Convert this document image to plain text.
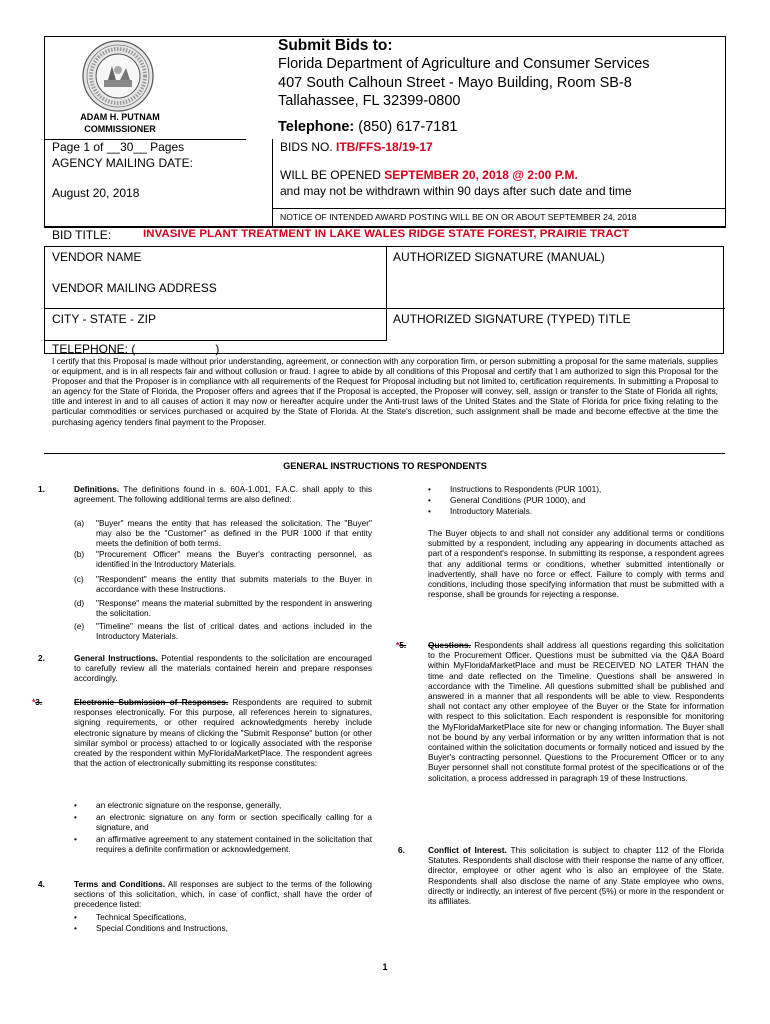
ADAM H. PUTNAM
COMMISSIONER
Submit Bids to:
Florida Department of Agriculture and Consumer Services
407 South Calhoun Street - Mayo Building, Room SB-8
Tallahassee, FL 32399-0800
Telephone: (850) 617-7181
Page 1 of __30__ Pages
AGENCY MAILING DATE:
August 20, 2018
BIDS NO. ITB/FFS-18/19-17
WILL BE OPENED SEPTEMBER 20, 2018 @ 2:00 P.M.
and may not be withdrawn within 90 days after such date and time
NOTICE OF INTENDED AWARD POSTING WILL BE ON OR ABOUT SEPTEMBER 24, 2018
BID TITLE:	INVASIVE PLANT TREATMENT IN LAKE WALES RIDGE STATE FOREST, PRAIRIE TRACT
VENDOR NAME
VENDOR MAILING ADDRESS
CITY - STATE - ZIP
TELEPHONE: (                        )
AUTHORIZED SIGNATURE (MANUAL)
AUTHORIZED SIGNATURE (TYPED) TITLE
I certify that this Proposal is made without prior understanding, agreement, or connection with any corporation firm, or person submitting a proposal for the same materials, supplies or equipment, and is in all respects fair and without collusion or fraud. I agree to abide by all conditions of this Proposal and certify that I am authorized to sign this Proposal for the Proposer and that the Proposer is in compliance with all requirements of the Request for Proposal including but not limited to, certification requirements. In submitting a Proposal to an agency for the State of Florida, the Proposer offers and agrees that if the Proposal is accepted, the Proposer will convey, sell, assign or transfer to the State of Florida all rights, title and interest in and to all causes of action it may now or hereafter acquire under the Anti-trust laws of the United States and the State of Florida for price fixing relating to the particular commodities or services purchased or acquired by the State of Florida. At the State's discretion, such assignment shall be made and become effective at the time the purchasing agency tenders final payment to the Proposer.
GENERAL INSTRUCTIONS TO RESPONDENTS
1.	Definitions. The definitions found in s. 60A-1.001, F.A.C. shall apply to this agreement. The following additional terms are also defined:
(a) "Buyer" means the entity that has released the solicitation. The "Buyer" may also be the "Customer" as defined in the PUR 1000 if that entity meets the definition of both terms.
(b) "Procurement Officer" means the Buyer's contracting personnel, as identified in the Introductory Materials.
(c) "Respondent" means the entity that submits materials to the Buyer in accordance with these Instructions.
(d) "Response" means the material submitted by the respondent in answering the solicitation.
(e) "Timeline" means the list of critical dates and actions included in the Introductory Materials.
2.	General Instructions. Potential respondents to the solicitation are encouraged to carefully review all the materials contained herein and prepare responses accordingly.
*3.	Electronic Submission of Responses. Respondents are required to submit responses electronically. For this purpose, all references herein to signatures, signing requirements, or other required acknowledgments hereby include electronic signature by means of clicking the "Submit Response" button (or other similar symbol or process) attached to or logically associated with the response created by the respondent within MyFloridaMarketPlace. The respondent agrees that the action of electronically submitting its response constitutes:
• an electronic signature on the response, generally,
• an electronic signature on any form or section specifically calling for a signature, and
• an affirmative agreement to any statement contained in the solicitation that requires a definite confirmation or acknowledgement.
4.	Terms and Conditions. All responses are subject to the terms of the following sections of this solicitation, which, in case of conflict, shall have the order of precedence listed:
• Technical Specifications,
• Special Conditions and Instructions,
• Instructions to Respondents (PUR 1001),
• General Conditions (PUR 1000), and
• Introductory Materials.
The Buyer objects to and shall not consider any additional terms or conditions submitted by a respondent, including any appearing in documents attached as part of a respondent's response. In submitting its response, a respondent agrees that any additional terms or conditions, whether submitted intentionally or inadvertently, shall have no force or effect. Failure to comply with terms and conditions, including those specifying information that must be submitted with a response, shall be grounds for rejecting a response.
*5.	Questions. Respondents shall address all questions regarding this solicitation to the Procurement Officer. Questions must be submitted via the Q&A Board within MyFloridaMarketPlace and must be RECEIVED NO LATER THAN the time and date reflected on the Timeline. Questions shall be answered in accordance with the Timeline. All questions submitted shall be published and answered in a manner that all respondents will be able to view. Respondents shall not contact any other employee of the Buyer or the State for information with respect to this solicitation. Each respondent is responsible for monitoring the MyFloridaMarketPlace site for new or changing information. The Buyer shall not be bound by any verbal information or by any written information that is not contained within the solicitation documents or formally noticed and issued by the Buyer's contracting personnel. Questions to the Procurement Officer or to any Buyer personnel shall not constitute formal protest of the specifications or of the solicitation, a process addressed in paragraph 19 of these Instructions.
6.	Conflict of Interest. This solicitation is subject to chapter 112 of the Florida Statutes. Respondents shall disclose with their response the name of any officer, director, employee or other agent who is also an employee of the State. Respondents shall also disclose the name of any State employee who owns, directly or indirectly, an interest of five percent (5%) or more in the respondent or its affiliates.
1
